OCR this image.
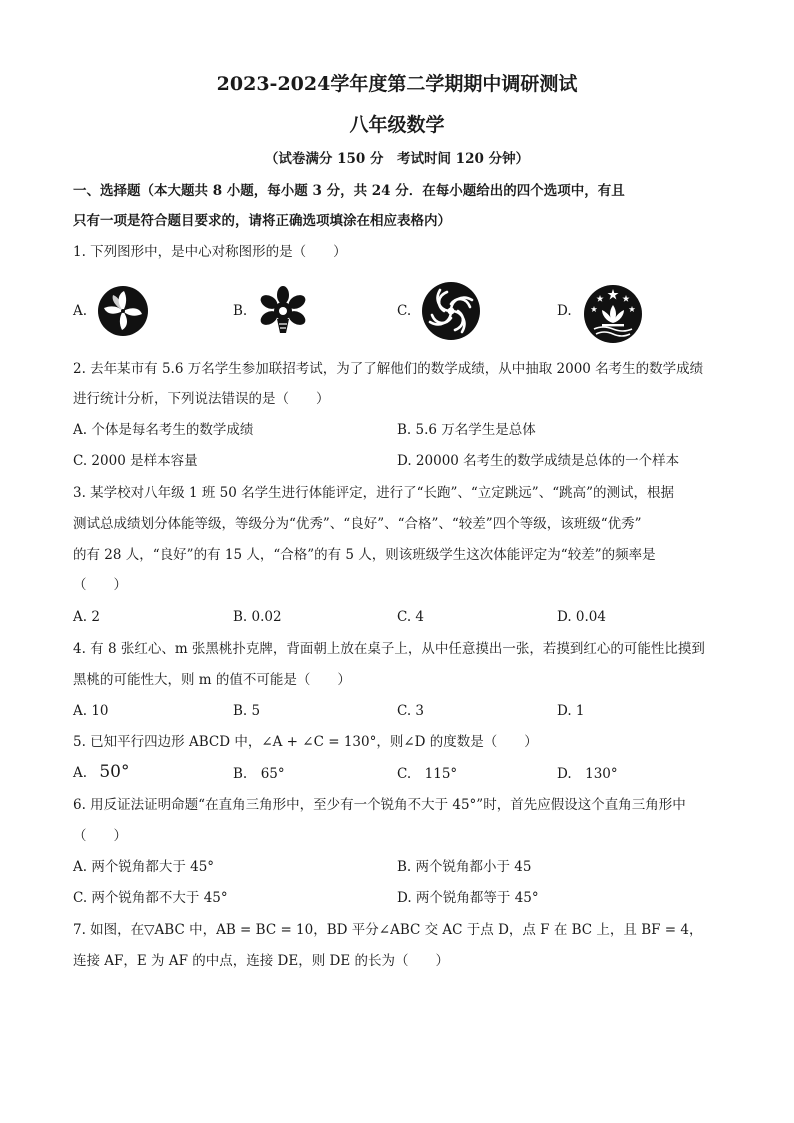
2023-2024学年度第二学期期中调研测试
八年级数学
（试卷满分 150 分　考试时间 120 分钟）
一、选择题（本大题共 8 小题，每小题 3 分，共 24 分．在每小题给出的四个选项中，有且
只有一项是符合题目要求的，请将正确选项填涂在相应表格内）
1. 下列图形中，是中心对称图形的是（　　）
A.	B.	C.	D.
2. 去年某市有 5.6 万名学生参加联招考试，为了了解他们的数学成绩，从中抽取 2000 名考生的数学成绩
进行统计分析，下列说法错误的是（　　）
A. 个体是每名考生的数学成绩	B. 5.6 万名学生是总体
C. 2000 是样本容量	D. 20000 名考生的数学成绩是总体的一个样本
3. 某学校对八年级 1 班 50 名学生进行体能评定，进行了“长跑”、“立定跳远”、“跳高”的测试，根据
测试总成绩划分体能等级，等级分为“优秀”、“良好”、“合格”、“较差”四个等级，该班级“优秀”
的有 28 人，“良好”的有 15 人，“合格”的有 5 人，则该班级学生这次体能评定为“较差”的频率是
（　　）
A. 2	B. 0.02	C. 4	D. 0.04
4. 有 8 张红心、m 张黑桃扑克牌，背面朝上放在桌子上，从中任意摸出一张，若摸到红心的可能性比摸到
黑桃的可能性大，则 m 的值不可能是（　　）
A. 10	B. 5	C. 3	D. 1
5. 已知平行四边形 ABCD 中，∠A + ∠C = 130°，则∠D 的度数是（　　）
A. 50°	B.　65°	C.　115°	D.　130°
6. 用反证法证明命题“在直角三角形中，至少有一个锐角不大于 45°”时，首先应假设这个直角三角形中
（　　）
A. 两个锐角都大于 45°	B. 两个锐角都小于 45
C. 两个锐角都不大于 45°	D. 两个锐角都等于 45°
7. 如图，在▽ABC 中，AB = BC = 10，BD 平分∠ABC 交 AC 于点 D，点 F 在 BC 上，且 BF = 4，
连接 AF，E 为 AF 的中点，连接 DE，则 DE 的长为（　　）
